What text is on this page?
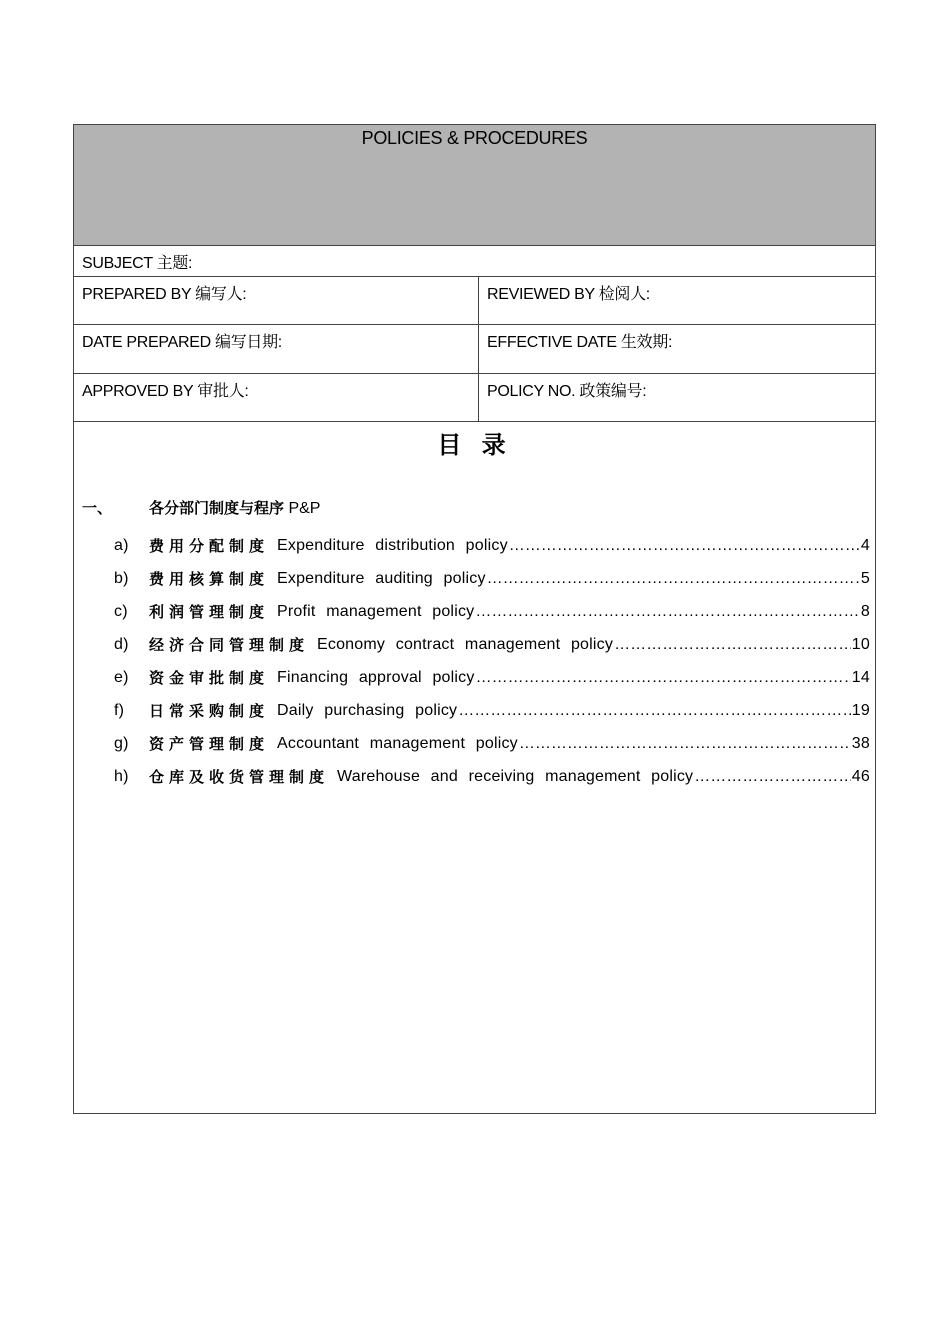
POLICIES & PROCEDURES
SUBJECT 主题:
PREPARED BY 编写人:	REVIEWED BY 检阅人:
DATE PREPARED 编写日期:	EFFECTIVE DATE 生效期:
APPROVED BY 审批人:	POLICY NO. 政策编号:
目 录
一、 各分部门制度与程序 P&P
a)	费用分配制度 Expenditure distribution policy ……………………………………………………………………………………………………………………………………	4
b)	费用核算制度 Expenditure auditing policy ……………………………………………………………………………………………………………………………………	5
c)	利润管理制度 Profit management policy ……………………………………………………………………………………………………………………………………	8
d)	经济合同管理制度 Economy contract management policy ……………………………………………………………………………………………………………………………………	10
e)	资金审批制度 Financing approval policy ……………………………………………………………………………………………………………………………………	14
f)	日常采购制度 Daily purchasing policy ……………………………………………………………………………………………………………………………………	19
g)	资产管理制度 Accountant management policy ……………………………………………………………………………………………………………………………………	38
h)	仓库及收货管理制度 Warehouse and receiving management policy ……………………………………………………………………………………………………………………………………	46
